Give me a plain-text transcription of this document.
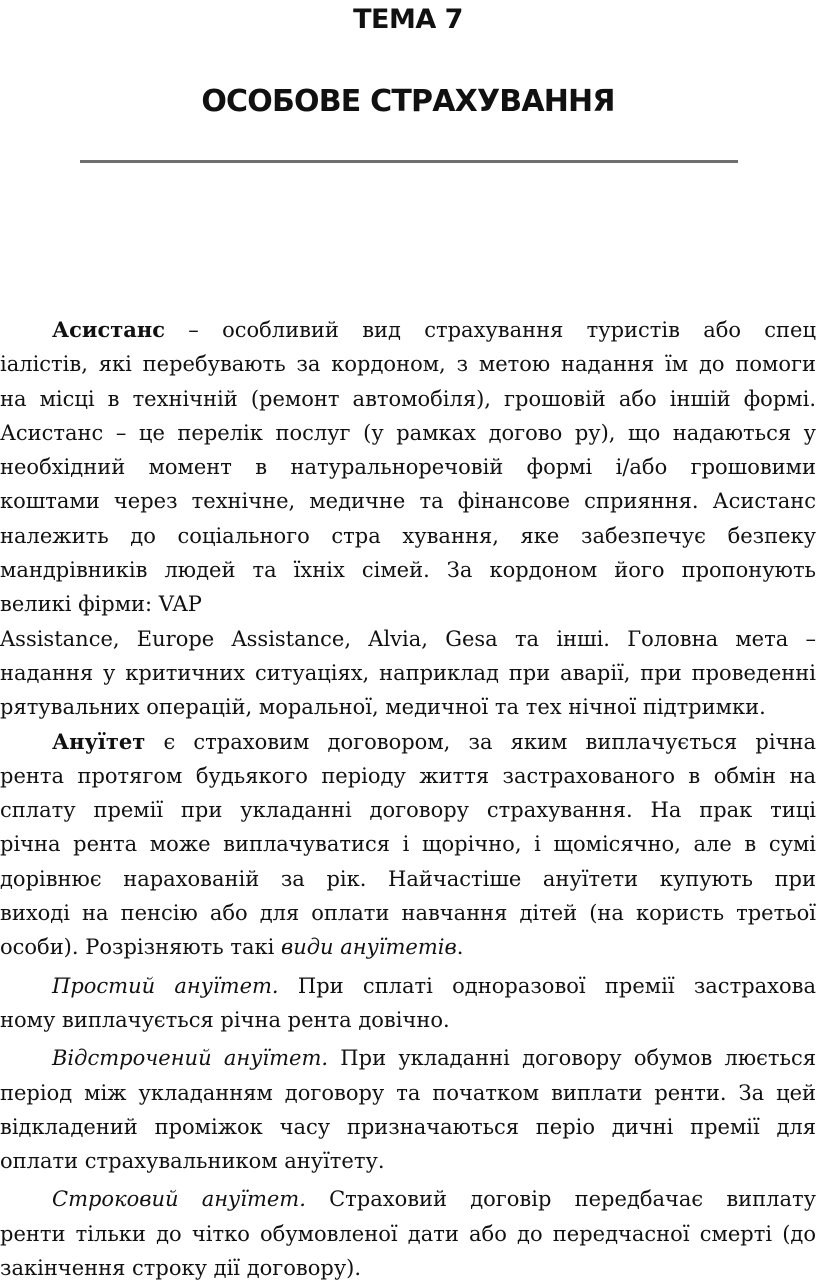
ТЕМА 7
ОСОБОВЕ СТРАХУВАННЯ

Асистанс – особливий вид страхування туристів або спец
іалістів, які перебувають за кордоном, з метою надання їм до помоги
на місці в технічній (ремонт автомобіля), грошовій або іншій формі.
Асистанс – це перелік послуг (у рамках догово ру), що надаються у
необхідний момент в натуральноречовій формі і/або грошовими
коштами через технічне, медичне та фінансове сприяння. Асистанс
належить до соціального стра хування, яке забезпечує безпеку
мандрівників людей та їхніх сімей. За кордоном його пропонують
великі фірми: VAP
Assistance, Europe Assistance, Alvia, Gesa та інші. Головна мета –
надання у критичних ситуаціях, наприклад при аварії, при проведенні
рятувальних операцій, моральної, медичної та тех нічної підтримки.

Ануїтет є страховим договором, за яким виплачується річна
рента протягом будьякого періоду життя застрахованого в обмін на
сплату премії при укладанні договору страхування. На прак тиці
річна рента може виплачуватися і щорічно, і щомісячно, але в сумі
дорівнює нарахованій за рік. Найчастіше ануїтети купують при
виході на пенсію або для оплати навчання дітей (на користь третьої
особи). Розрізняють такі види ануїтетів.

Простий ануїтет. При сплаті одноразової премії застрахова
ному виплачується річна рента довічно.

Відстрочений ануїтет. При укладанні договору обумов люється
період між укладанням договору та початком виплати ренти. За цей
відкладений проміжок часу призначаються періо дичні премії для
оплати страхувальником ануїтету.

Строковий ануїтет. Страховий договір передбачає виплату
ренти тільки до чітко обумовленої дати або до передчасної смерті (до
закінчення строку дії договору).
